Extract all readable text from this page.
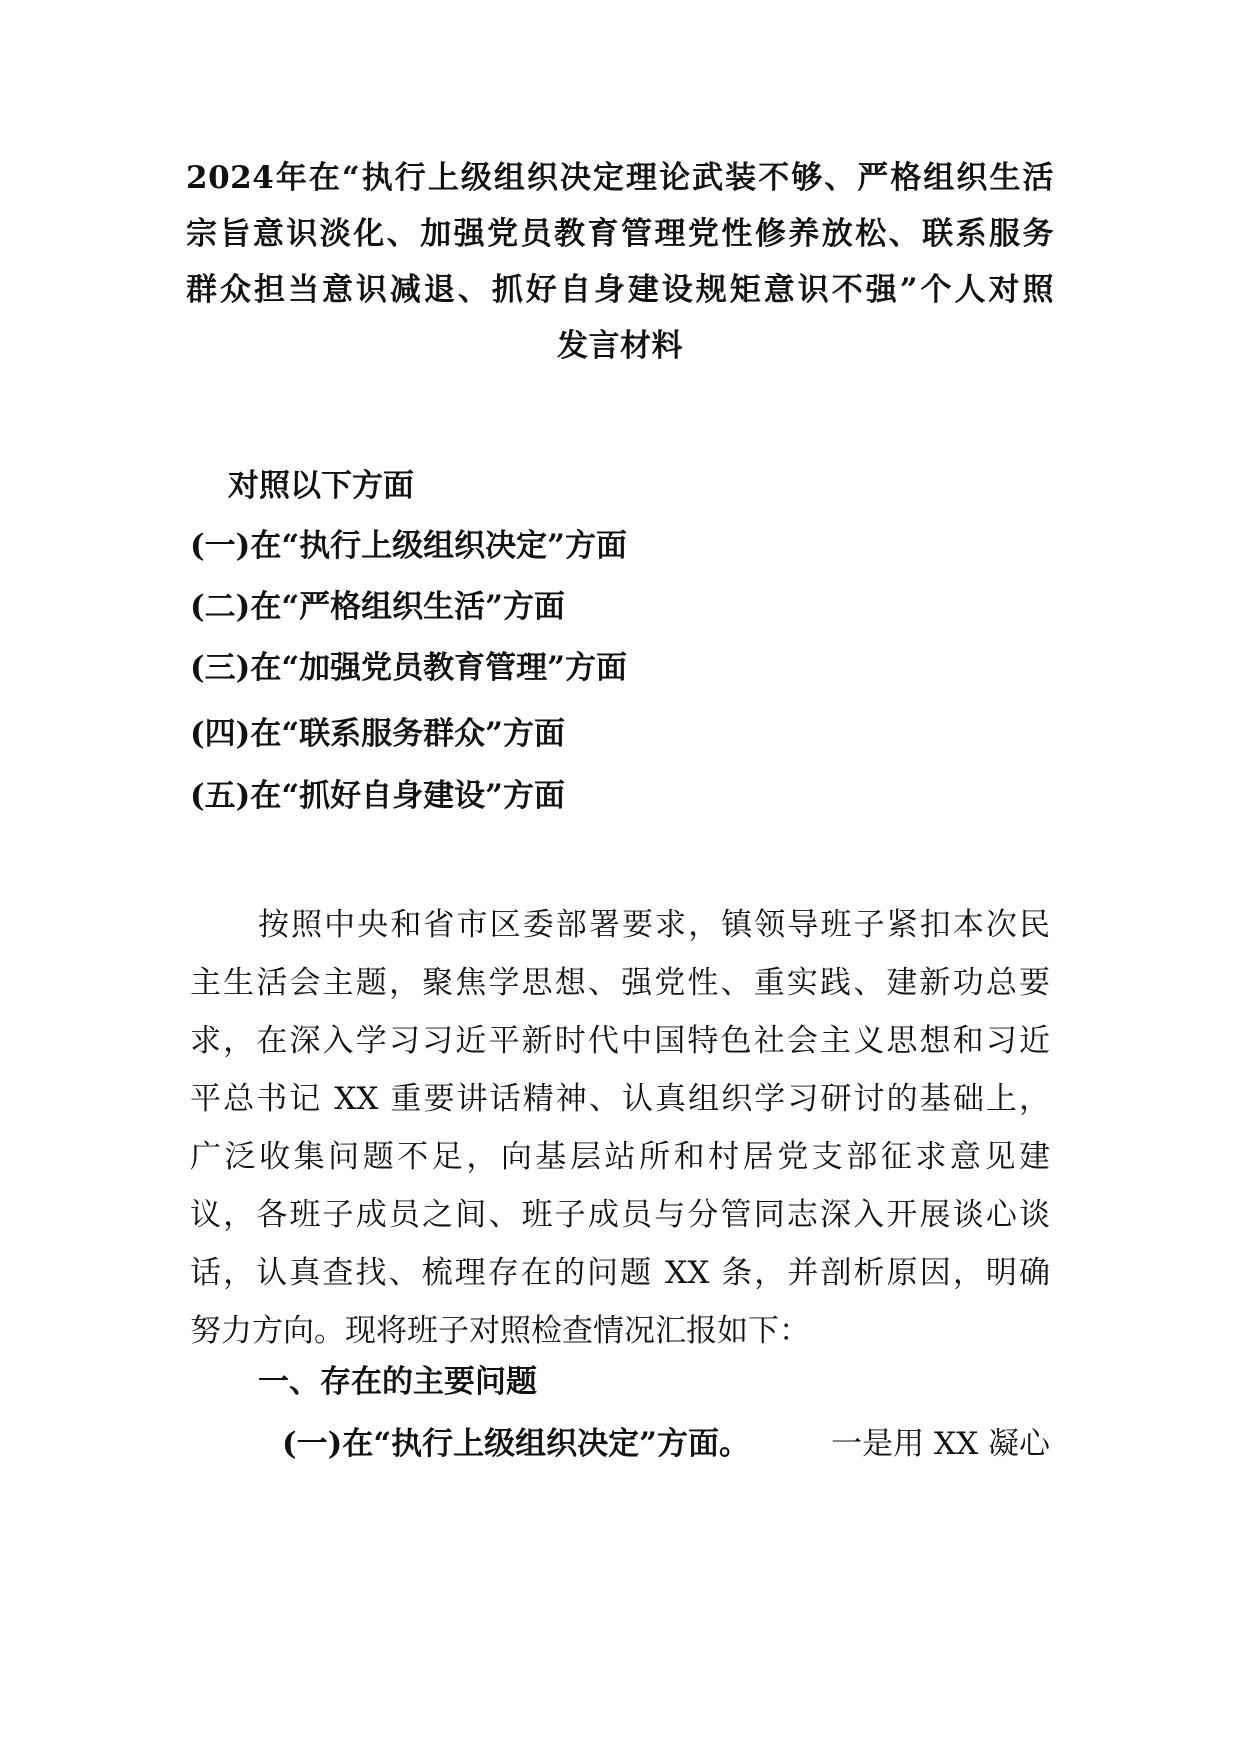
2024年在“执行上级组织决定理论武装不够、严格组织生活
宗旨意识淡化、加强党员教育管理党性修养放松、联系服务
群众担当意识减退、抓好自身建设规矩意识不强”个人对照
发言材料

对照以下方面

(一)在“执行上级组织决定”方面

(二)在“严格组织生活”方面

(三)在“加强党员教育管理”方面

(四)在“联系服务群众”方面

(五)在“抓好自身建设”方面

按照中央和省市区委部署要求，镇领导班子紧扣本次民
主生活会主题，聚焦学思想、强党性、重实践、建新功总要
求，在深入学习习近平新时代中国特色社会主义思想和习近
平总书记 XX 重要讲话精神、认真组织学习研讨的基础上，
广泛收集问题不足，向基层站所和村居党支部征求意见建
议，各班子成员之间、班子成员与分管同志深入开展谈心谈
话，认真查找、梳理存在的问题 XX 条，并剖析原因，明确
努力方向。现将班子对照检查情况汇报如下：

一、存在的主要问题

(一)在“执行上级组织决定”方面。	一是用 XX 凝心
